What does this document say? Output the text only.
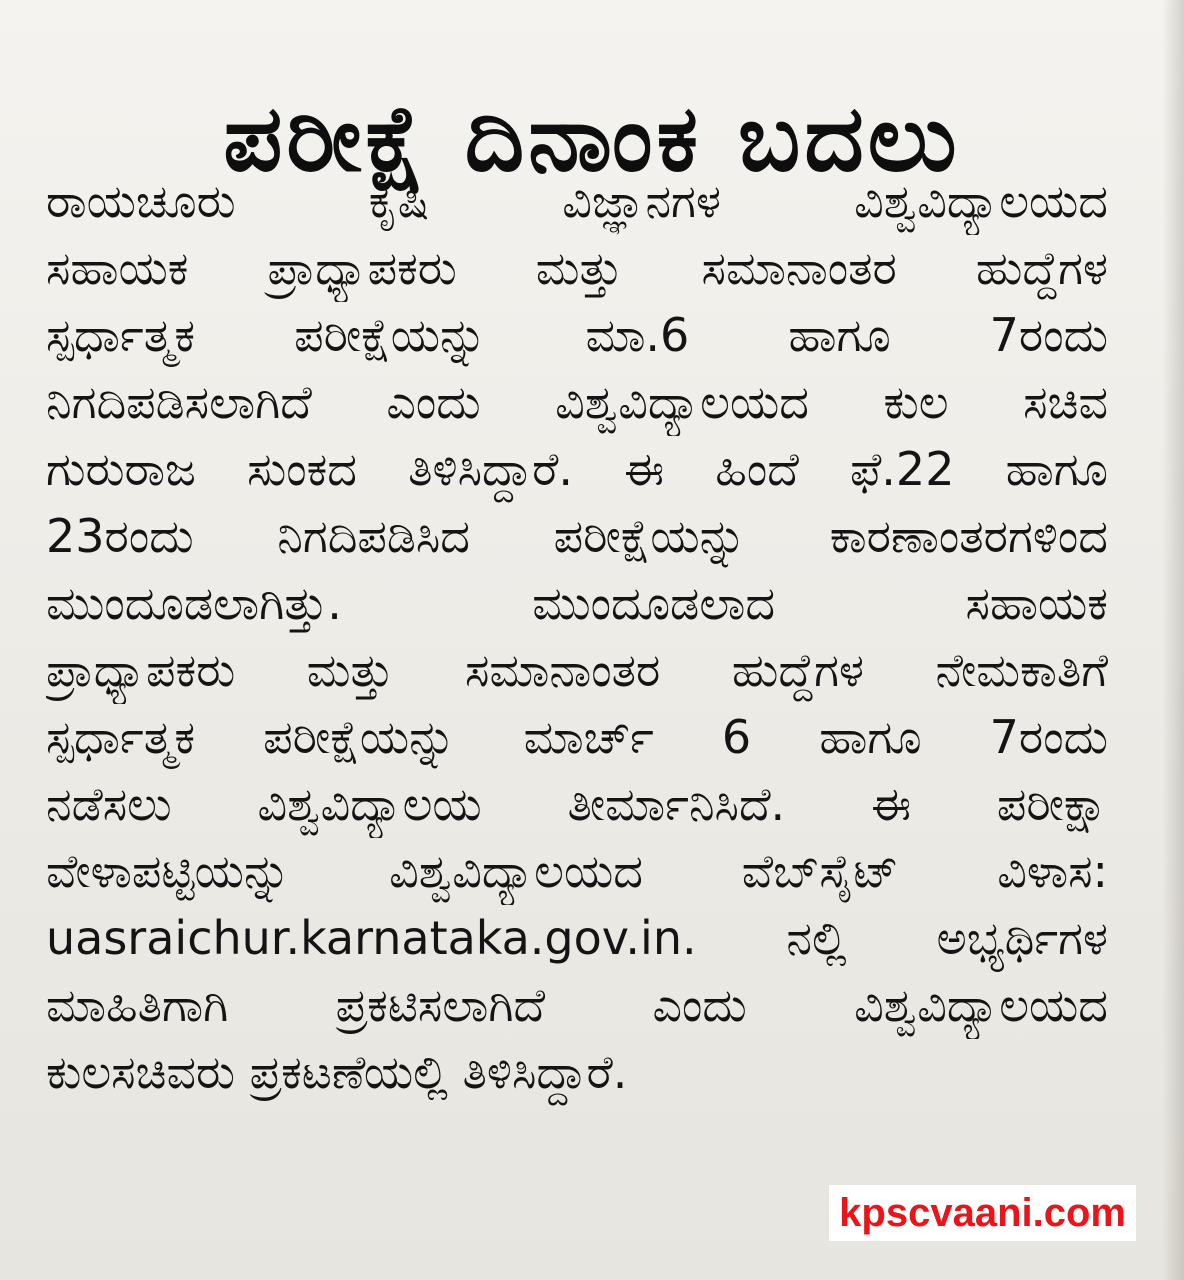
ಪರೀಕ್ಷೆ ದಿನಾಂಕ ಬದಲು
ರಾಯಚೂರು ಕೃಷಿ ವಿಜ್ಞಾನಗಳ ವಿಶ್ವವಿದ್ಯಾಲಯದ
ಸಹಾಯಕ ಪ್ರಾಧ್ಯಾಪಕರು ಮತ್ತು ಸಮಾನಾಂತರ ಹುದ್ದೆಗಳ
ಸ್ಪರ್ಧಾತ್ಮಕ ಪರೀಕ್ಷೆಯನ್ನು ಮಾ.6 ಹಾಗೂ 7ರಂದು
ನಿಗದಿಪಡಿಸಲಾಗಿದೆ ಎಂದು ವಿಶ್ವವಿದ್ಯಾಲಯದ ಕುಲ ಸಚಿವ
ಗುರುರಾಜ ಸುಂಕದ ತಿಳಿಸಿದ್ದಾರೆ. ಈ ಹಿಂದೆ ಫೆ.22 ಹಾಗೂ
23ರಂದು ನಿಗದಿಪಡಿಸಿದ ಪರೀಕ್ಷೆಯನ್ನು ಕಾರಣಾಂತರಗಳಿಂದ
ಮುಂದೂಡಲಾಗಿತ್ತು. ಮುಂದೂಡಲಾದ ಸಹಾಯಕ
ಪ್ರಾಧ್ಯಾಪಕರು ಮತ್ತು ಸಮಾನಾಂತರ ಹುದ್ದೆಗಳ ನೇಮಕಾತಿಗೆ
ಸ್ಪರ್ಧಾತ್ಮಕ ಪರೀಕ್ಷೆಯನ್ನು ಮಾರ್ಚ್ 6 ಹಾಗೂ 7ರಂದು
ನಡೆಸಲು ವಿಶ್ವವಿದ್ಯಾಲಯ ತೀರ್ಮಾನಿಸಿದೆ. ಈ ಪರೀಕ್ಷಾ
ವೇಳಾಪಟ್ಟಿಯನ್ನು ವಿಶ್ವವಿದ್ಯಾಲಯದ ವೆಬ್‌ಸೈಟ್ ವಿಳಾಸ:
uasraichur.karnataka.gov.in. ನಲ್ಲಿ ಅಭ್ಯರ್ಥಿಗಳ
ಮಾಹಿತಿಗಾಗಿ ಪ್ರಕಟಿಸಲಾಗಿದೆ ಎಂದು ವಿಶ್ವವಿದ್ಯಾಲಯದ
ಕುಲಸಚಿವರು ಪ್ರಕಟಣೆಯಲ್ಲಿ ತಿಳಿಸಿದ್ದಾರೆ.
kpscvaani.com
